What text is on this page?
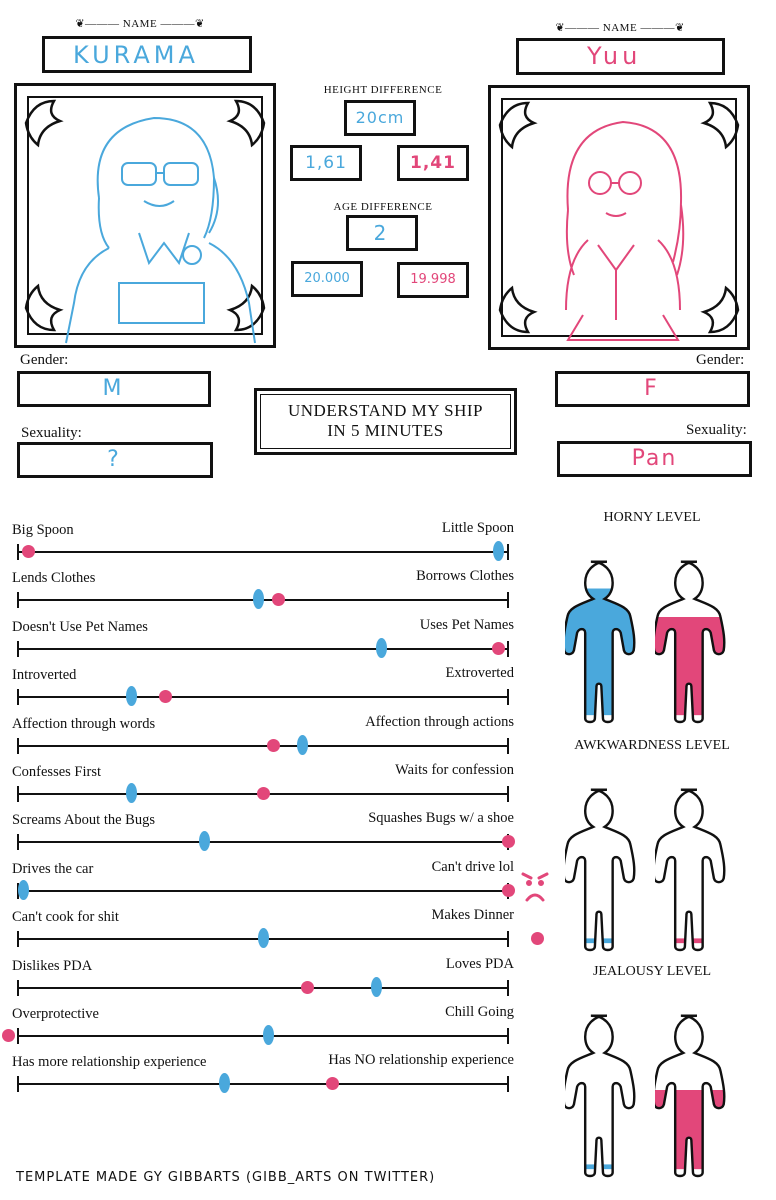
❦——— NAME ———❦
KURAMA
❦——— NAME ———❦
Yuu
HEIGHT DIFFERENCE
20cm
1,61	1,41
AGE DIFFERENCE
2
20.000	19.998
Gender:
M
Sexuality:
?
Gender:
F
Sexuality:
Pan
UNDERSTAND MY SHIP
IN 5 MINUTES
Big Spoon	Little Spoon
Lends Clothes	Borrows Clothes
Doesn't Use Pet Names	Uses Pet Names
Introverted	Extroverted
Affection through words	Affection through actions
Confesses First	Waits for confession
Screams About the Bugs	Squashes Bugs w/ a shoe
Drives the car	Can't drive lol
Can't cook for shit	Makes Dinner
Dislikes PDA	Loves PDA
Overprotective	Chill Going
Has more relationship experience	Has NO relationship experience
HORNY LEVEL
AWKWARDNESS LEVEL
JEALOUSY LEVEL
TEMPLATE MADE GY GIBBARTS (GIBB_ARTS ON TWITTER)
